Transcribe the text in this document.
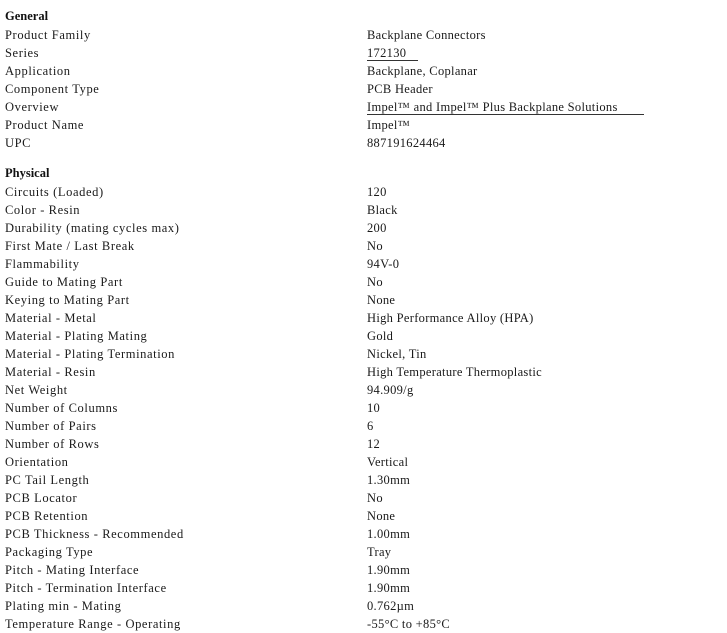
General
Product Family	Backplane Connectors
Series	172130
Application	Backplane, Coplanar
Component Type	PCB Header
Overview	Impel™ and Impel™ Plus Backplane Solutions
Product Name	Impel™
UPC	887191624464
Physical
Circuits (Loaded)	120
Color - Resin	Black
Durability (mating cycles max)	200
First Mate / Last Break	No
Flammability	94V-0
Guide to Mating Part	No
Keying to Mating Part	None
Material - Metal	High Performance Alloy (HPA)
Material - Plating Mating	Gold
Material - Plating Termination	Nickel, Tin
Material - Resin	High Temperature Thermoplastic
Net Weight	94.909/g
Number of Columns	10
Number of Pairs	6
Number of Rows	12
Orientation	Vertical
PC Tail Length	1.30mm
PCB Locator	No
PCB Retention	None
PCB Thickness - Recommended	1.00mm
Packaging Type	Tray
Pitch - Mating Interface	1.90mm
Pitch - Termination Interface	1.90mm
Plating min - Mating	0.762µm
Temperature Range - Operating	-55°C to +85°C
